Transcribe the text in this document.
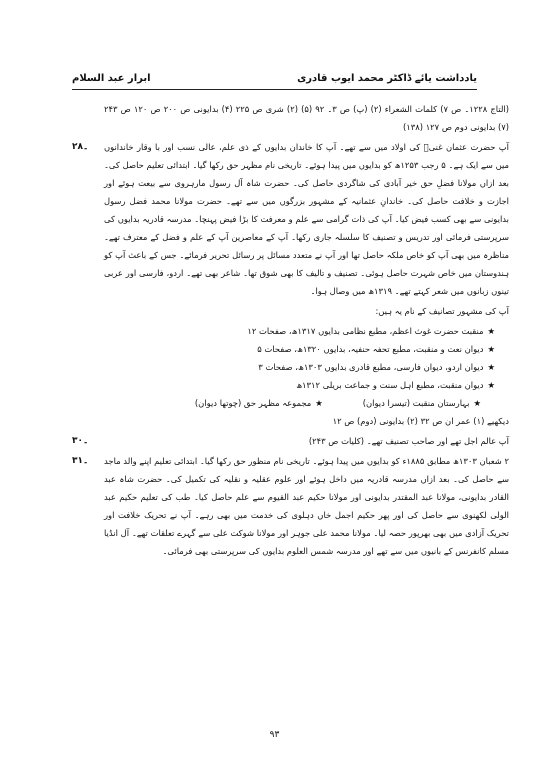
ابرار عبد السلام	یادداشت یائے ڈاکٹر محمد ایوب قادری

(التاج ۱۲۲۸۔ ص ۷) کلمات الشعراء (۲) (پ) ص ۳۔ ۹۲ (۵) (۲) شری ص ۲۲۵ (۴) بدایونی ص ۲۰۰ ص ۱۲۰ ص ۲۴۳ (۷) بدایونی دوم ص ۱۲۷ (۱۳۸)

۲۸۔ آپ حضرت عثمان غنیؓ کی اولاد میں سے تھے۔ آپ کا خاندان بدایوں کے ذی علم، عالی نسب اور با وقار خاندانوں میں سے ایک ہے۔ ۵ رجب ۱۲۵۳ھ کو بدایوں میں پیدا ہوئے۔ تاریخی نام مظہر حق رکھا گیا۔ ابتدائی تعلیم حاصل کی۔ بعد ازاں مولانا فضلِ حق خیر آبادی کی شاگردی حاصل کی۔ حضرت شاہ آل رسول مارہروی سے بیعت ہوئے اور اجازت و خلافت حاصل کی۔ خاندانِ عثمانیہ کے مشہور بزرگوں میں سے تھے۔ حضرت مولانا محمد فضل رسول بدایونی سے بھی کسب فیض کیا۔ آپ کی ذات گرامی سے علم و معرفت کا بڑا فیض پہنچا۔ مدرسہ قادریہ بدایوں کی سرپرستی فرمائی اور تدریس و تصنیف کا سلسلہ جاری رکھا۔ آپ کے معاصرین آپ کے علم و فضل کے معترف تھے۔ مناظرہ میں بھی آپ کو خاص ملکہ حاصل تھا اور آپ نے متعدد مسائل پر رسائل تحریر فرمائے۔ جس کے باعث آپ کو ہندوستان میں خاص شہرت حاصل ہوئی۔ تصنیف و تالیف کا بھی شوق تھا۔ شاعر بھی تھے۔ اردو، فارسی اور عربی تینوں زبانوں میں شعر کہتے تھے۔ ۱۳۱۹ھ میں وصال ہوا۔

آپ کی مشہور تصانیف کے نام یہ ہیں:

★منقبت حضرت غوث اعظم، مطبع نظامی بدایوں ۱۳۱۷ھ، صفحات ۱۲
★دیوان نعت و منقبت، مطبع تحفہ حنفیہ، بدایوں ۱۳۲۰ھ، صفحات ۵
★دیوان اردو، دیوان فارسی، مطبع قادری بدایوں ۱۳۰۳ھ، صفحات ۳
★دیوان منقبت، مطبع اہل سنت و جماعت بریلی ۱۳۱۲ھ
★بہارستان منقبت (تیسرا دیوان)
★مجموعہ مظہر حق (چوتھا دیوان)

دیکھیے (۱) عمر ان ص ۳۲ (۲) بدایونی (دوم) ص ۱۲

۳۰۔	آپ عالم اجل تھے اور صاحب تصنیف تھے۔ (کلیات ص ۲۴۳)
۳۱۔ ۲ شعبان ۱۳۰۳ھ مطابق ۱۸۸۵ء کو بدایوں میں پیدا ہوئے۔ تاریخی نام منظور حق رکھا گیا۔ ابتدائی تعلیم اپنے والد ماجد سے حاصل کی۔ بعد ازاں مدرسہ قادریہ میں داخل ہوئے اور علوم عقلیہ و نقلیہ کی تکمیل کی۔ حضرت شاہ عبد القادر بدایونی، مولانا عبد المقتدر بدایونی اور مولانا حکیم عبد القیوم سے علم حاصل کیا۔ طب کی تعلیم حکیم عبد الولی لکھنوی سے حاصل کی اور پھر حکیم اجمل خاں دہلوی کی خدمت میں بھی رہے۔ آپ نے تحریک خلافت اور تحریک آزادی میں بھی بھرپور حصہ لیا۔ مولانا محمد علی جوہر اور مولانا شوکت علی سے گہرے تعلقات تھے۔ آل انڈیا مسلم کانفرنس کے بانیوں میں سے تھے اور مدرسہ شمس العلوم بدایوں کی سرپرستی بھی فرمائی۔
۹۳
